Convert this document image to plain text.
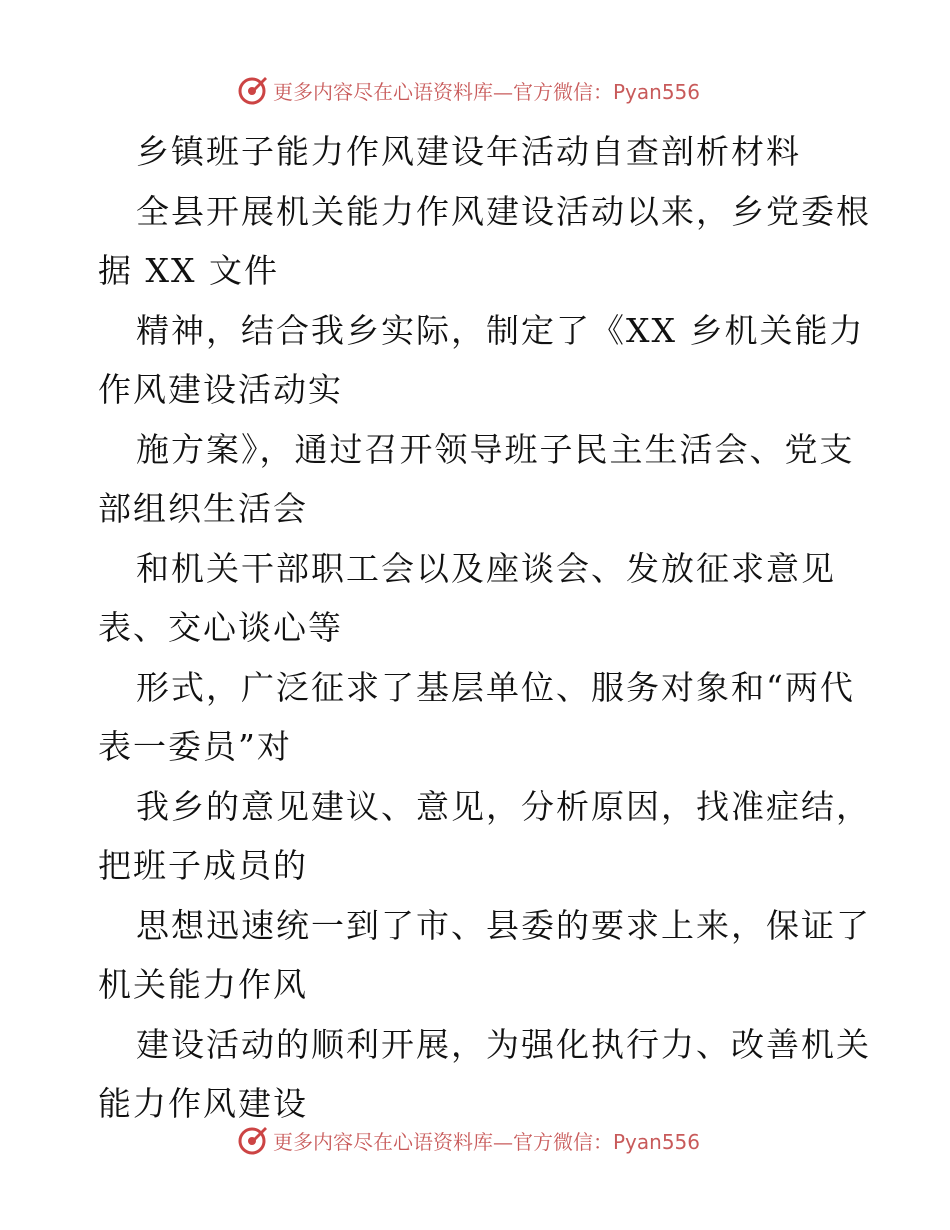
更多内容尽在心语资料库—官方微信：Pyan556
乡镇班子能力作风建设年活动自查剖析材料
全县开展机关能力作风建设活动以来，乡党委根
据 XX 文件
精神，结合我乡实际，制定了《XX 乡机关能力
作风建设活动实
施方案》，通过召开领导班子民主生活会、党支
部组织生活会
和机关干部职工会以及座谈会、发放征求意见
表、交心谈心等
形式，广泛征求了基层单位、服务对象和“两代
表一委员”对
我乡的意见建议、意见，分析原因，找准症结，
把班子成员的
思想迅速统一到了市、县委的要求上来，保证了
机关能力作风
建设活动的顺利开展，为强化执行力、改善机关
能力作风建设
更多内容尽在心语资料库—官方微信：Pyan556
